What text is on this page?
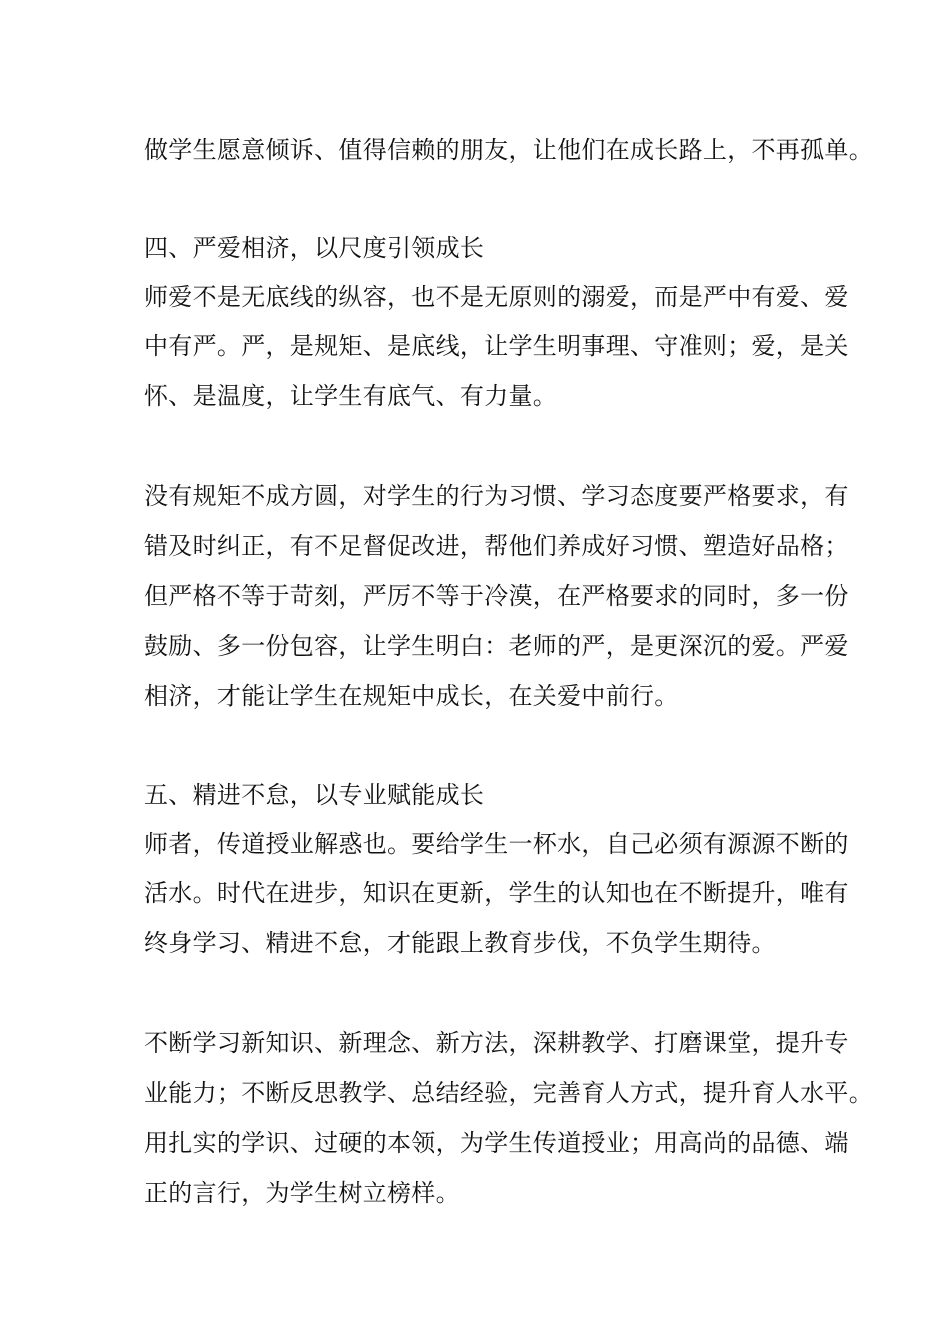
做学生愿意倾诉、值得信赖的朋友，让他们在成长路上，不再孤单。
四、严爱相济，以尺度引领成长
师爱不是无底线的纵容，也不是无原则的溺爱，而是严中有爱、爱
中有严。严，是规矩、是底线，让学生明事理、守准则；爱，是关
怀、是温度，让学生有底气、有力量。
没有规矩不成方圆，对学生的行为习惯、学习态度要严格要求，有
错及时纠正，有不足督促改进，帮他们养成好习惯、塑造好品格；
但严格不等于苛刻，严厉不等于冷漠，在严格要求的同时，多一份
鼓励、多一份包容，让学生明白：老师的严，是更深沉的爱。严爱
相济，才能让学生在规矩中成长，在关爱中前行。
五、精进不怠，以专业赋能成长
师者，传道授业解惑也。要给学生一杯水，自己必须有源源不断的
活水。时代在进步，知识在更新，学生的认知也在不断提升，唯有
终身学习、精进不怠，才能跟上教育步伐，不负学生期待。
不断学习新知识、新理念、新方法，深耕教学、打磨课堂，提升专
业能力；不断反思教学、总结经验，完善育人方式，提升育人水平。
用扎实的学识、过硬的本领，为学生传道授业；用高尚的品德、端
正的言行，为学生树立榜样。
